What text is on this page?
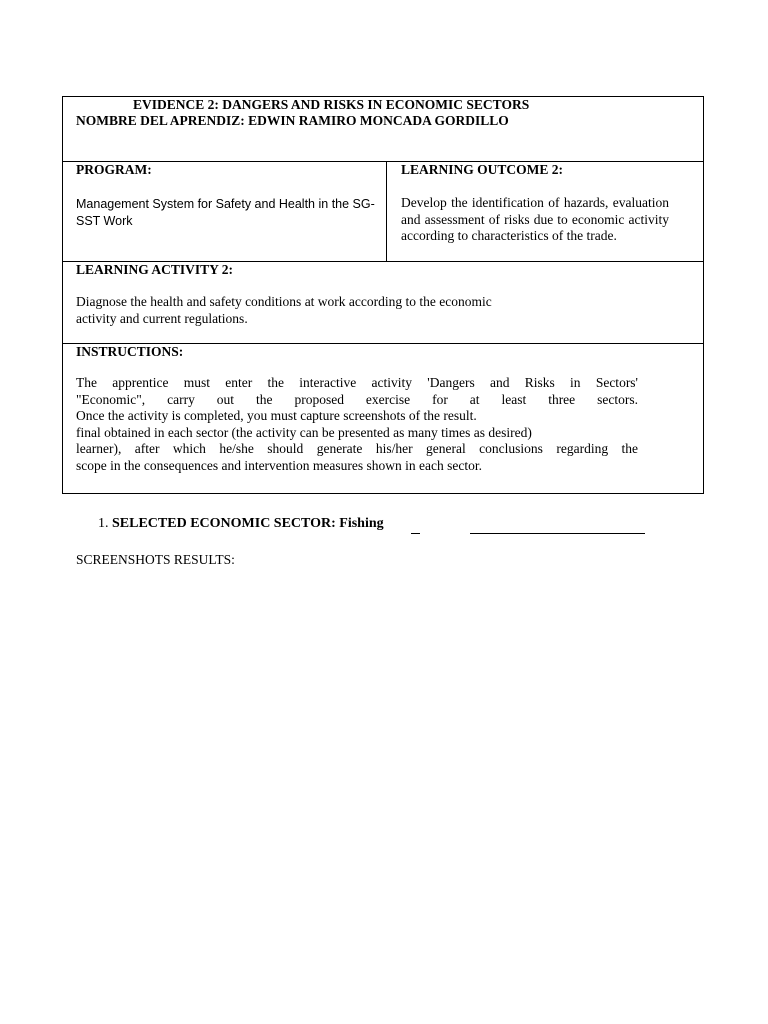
EVIDENCE 2: DANGERS AND RISKS IN ECONOMIC SECTORS
NOMBRE DEL APRENDIZ: EDWIN RAMIRO MONCADA GORDILLO
PROGRAM:
Management System for Safety and Health in the SG-SST Work
LEARNING OUTCOME 2:
Develop the identification of hazards, evaluation and assessment of risks due to economic activity according to characteristics of the trade.
LEARNING ACTIVITY 2:
Diagnose the health and safety conditions at work according to the economic activity and current regulations.
INSTRUCTIONS:
The apprentice must enter the interactive activity 'Dangers and Risks in Sectors'
"Economic", carry out the proposed exercise for at least three sectors.
Once the activity is completed, you must capture screenshots of the result.
final obtained in each sector (the activity can be presented as many times as desired)
learner), after which he/she should generate his/her general conclusions regarding the
scope in the consequences and intervention measures shown in each sector.
1. SELECTED ECONOMIC SECTOR: Fishing
SCREENSHOTS RESULTS:
